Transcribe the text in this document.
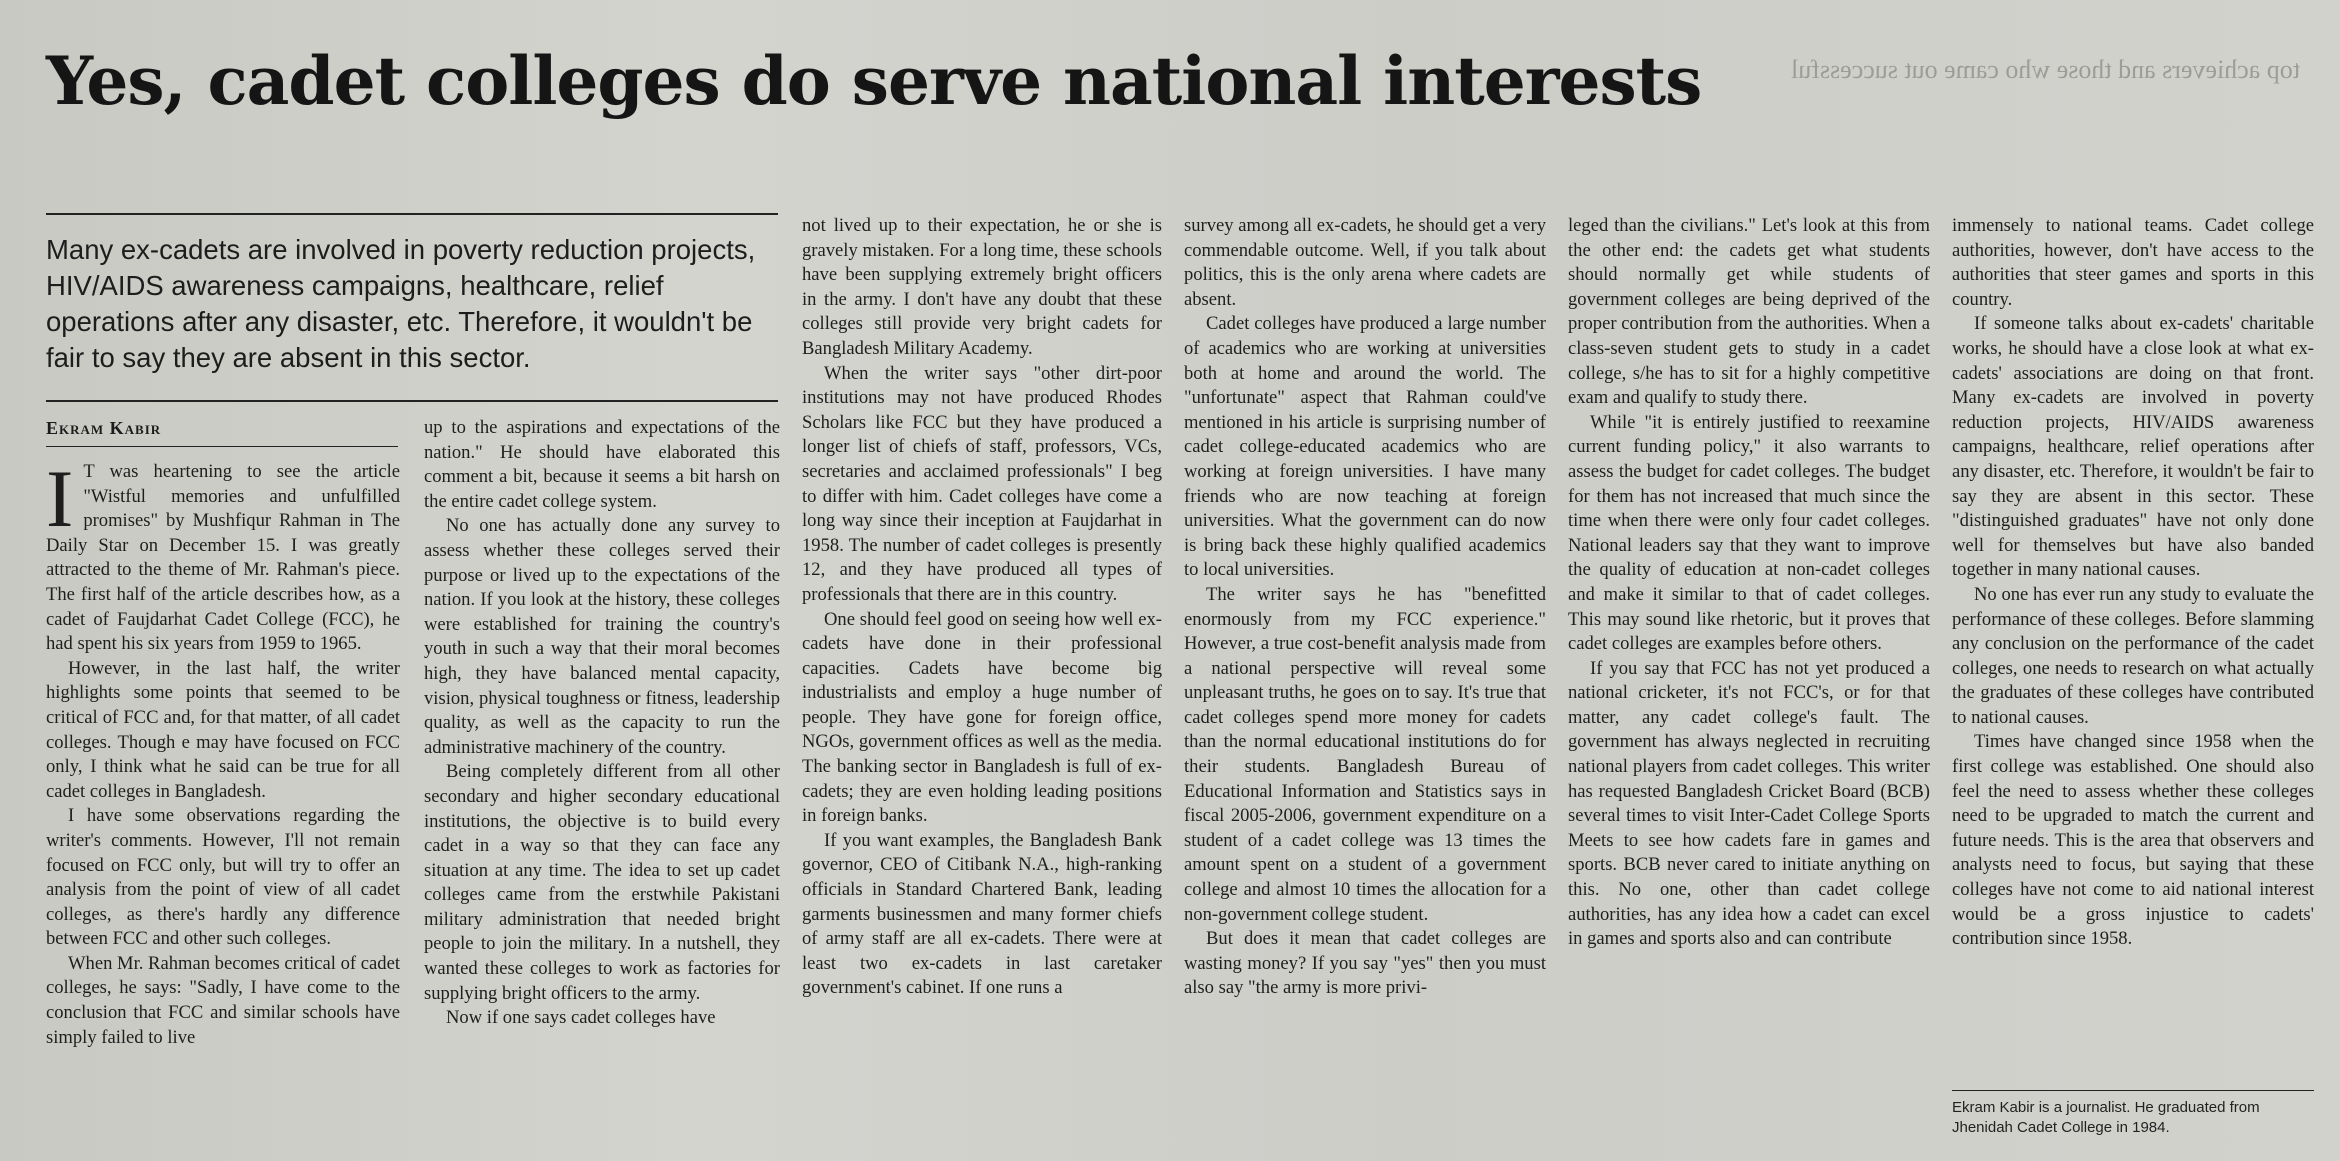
top achievers and those who came out successful
Yes, cadet colleges do serve national interests

Many ex-cadets are involved in poverty reduction projects, HIV/AIDS awareness campaigns, healthcare, relief operations after any disaster, etc. Therefore, it wouldn't be fair to say they are absent in this sector.

Ekram Kabir
I T was heartening to see the article "Wistful memories and unfulfilled promises" by Mushfiqur Rahman in The Daily Star on December 15. I was greatly attracted to the theme of Mr. Rahman's piece. The first half of the article describes how, as a cadet of Faujdarhat Cadet College (FCC), he had spent his six years from 1959 to 1965.

However, in the last half, the writer highlights some points that seemed to be critical of FCC and, for that matter, of all cadet colleges. Though e may have focused on FCC only, I think what he said can be true for all cadet colleges in Bangladesh.

I have some observations regarding the writer's comments. However, I'll not remain focused on FCC only, but will try to offer an analysis from the point of view of all cadet colleges, as there's hardly any difference between FCC and other such colleges.

When Mr. Rahman becomes critical of cadet colleges, he says: "Sadly, I have come to the conclusion that FCC and similar schools have simply failed to live

up to the aspirations and expectations of the nation." He should have elaborated this comment a bit, because it seems a bit harsh on the entire cadet college system.

No one has actually done any survey to assess whether these colleges served their purpose or lived up to the expectations of the nation. If you look at the history, these colleges were established for training the country's youth in such a way that their moral becomes high, they have balanced mental capacity, vision, physical toughness or fitness, leadership quality, as well as the capacity to run the administrative machinery of the country.

Being completely different from all other secondary and higher secondary educational institutions, the objective is to build every cadet in a way so that they can face any situation at any time. The idea to set up cadet colleges came from the erstwhile Pakistani military administration that needed bright people to join the military. In a nutshell, they wanted these colleges to work as factories for supplying bright officers to the army.

Now if one says cadet colleges have

not lived up to their expectation, he or she is gravely mistaken. For a long time, these schools have been supplying extremely bright officers in the army. I don't have any doubt that these colleges still provide very bright cadets for Bangladesh Military Academy.

When the writer says "other dirt-poor institutions may not have produced Rhodes Scholars like FCC but they have produced a longer list of chiefs of staff, professors, VCs, secretaries and acclaimed professionals" I beg to differ with him. Cadet colleges have come a long way since their inception at Faujdarhat in 1958. The number of cadet colleges is presently 12, and they have produced all types of professionals that there are in this country.

One should feel good on seeing how well ex-cadets have done in their professional capacities. Cadets have become big industrialists and employ a huge number of people. They have gone for foreign office, NGOs, government offices as well as the media. The banking sector in Bangladesh is full of ex-cadets; they are even holding leading positions in foreign banks.

If you want examples, the Bangladesh Bank governor, CEO of Citibank N.A., high-ranking officials in Standard Chartered Bank, leading garments businessmen and many former chiefs of army staff are all ex-cadets. There were at least two ex-cadets in last caretaker government's cabinet. If one runs a

survey among all ex-cadets, he should get a very commendable outcome. Well, if you talk about politics, this is the only arena where cadets are absent.

Cadet colleges have produced a large number of academics who are working at universities both at home and around the world. The "unfortunate" aspect that Rahman could've mentioned in his article is surprising number of cadet college-educated academics who are working at foreign universities. I have many friends who are now teaching at foreign universities. What the government can do now is bring back these highly qualified academics to local universities.

The writer says he has "benefitted enormously from my FCC experience." However, a true cost-benefit analysis made from a national perspective will reveal some unpleasant truths, he goes on to say. It's true that cadet colleges spend more money for cadets than the normal educational institutions do for their students. Bangladesh Bureau of Educational Information and Statistics says in fiscal 2005-2006, government expenditure on a student of a cadet college was 13 times the amount spent on a student of a government college and almost 10 times the allocation for a non-government college student.

But does it mean that cadet colleges are wasting money? If you say "yes" then you must also say "the army is more privi-

leged than the civilians." Let's look at this from the other end: the cadets get what students should normally get while students of government colleges are being deprived of the proper contribution from the authorities. When a class-seven student gets to study in a cadet college, s/he has to sit for a highly competitive exam and qualify to study there.

While "it is entirely justified to reexamine current funding policy," it also warrants to assess the budget for cadet colleges. The budget for them has not increased that much since the time when there were only four cadet colleges. National leaders say that they want to improve the quality of education at non-cadet colleges and make it similar to that of cadet colleges. This may sound like rhetoric, but it proves that cadet colleges are examples before others.

If you say that FCC has not yet produced a national cricketer, it's not FCC's, or for that matter, any cadet college's fault. The government has always neglected in recruiting national players from cadet colleges. This writer has requested Bangladesh Cricket Board (BCB) several times to visit Inter-Cadet College Sports Meets to see how cadets fare in games and sports. BCB never cared to initiate anything on this. No one, other than cadet college authorities, has any idea how a cadet can excel in games and sports also and can contribute

immensely to national teams. Cadet college authorities, however, don't have access to the authorities that steer games and sports in this country.

If someone talks about ex-cadets' charitable works, he should have a close look at what ex-cadets' associations are doing on that front. Many ex-cadets are involved in poverty reduction projects, HIV/AIDS awareness campaigns, healthcare, relief operations after any disaster, etc. Therefore, it wouldn't be fair to say they are absent in this sector. These "distinguished graduates" have not only done well for themselves but have also banded together in many national causes.

No one has ever run any study to evaluate the performance of these colleges. Before slamming any conclusion on the performance of the cadet colleges, one needs to research on what actually the graduates of these colleges have contributed to national causes.

Times have changed since 1958 when the first college was established. One should also feel the need to assess whether these colleges need to be upgraded to match the current and future needs. This is the area that observers and analysts need to focus, but saying that these colleges have not come to aid national interest would be a gross injustice to cadets' contribution since 1958.

Ekram Kabir is a journalist. He graduated from Jhenidah Cadet College in 1984.
